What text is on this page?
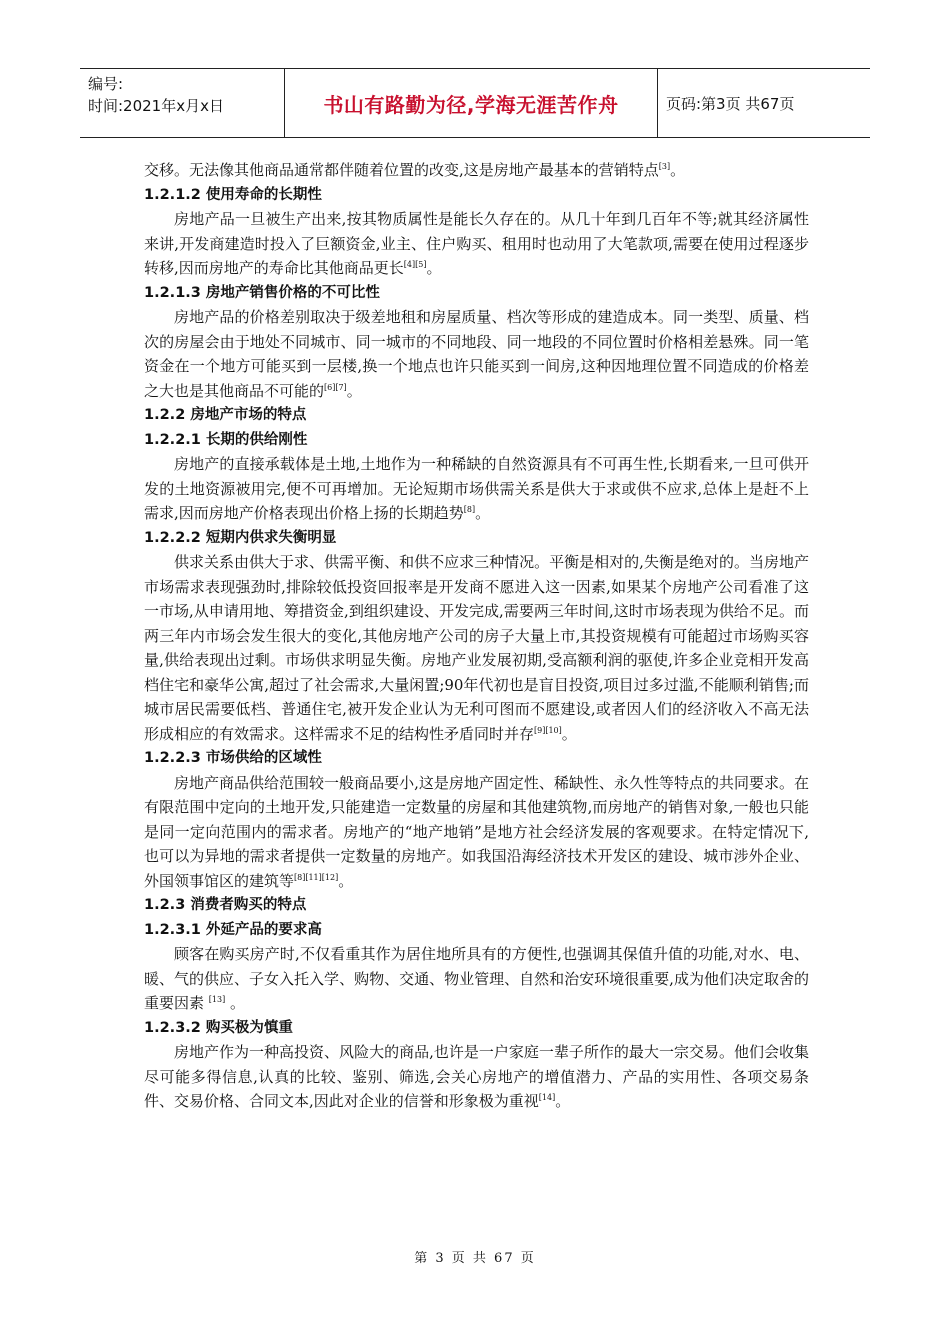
编号:
时间:2021年x月x日	书山有路勤为径,学海无涯苦作舟	页码:第3页 共67页

交移。无法像其他商品通常都伴随着位置的改变,这是房地产最基本的营销特点[3]。

1.2.1.2 使用寿命的长期性

房地产品一旦被生产出来,按其物质属性是能长久存在的。从几十年到几百年不等;就其经济属性来讲,开发商建造时投入了巨额资金,业主、住户购买、租用时也动用了大笔款项,需要在使用过程逐步转移,因而房地产的寿命比其他商品更长[4][5]。

1.2.1.3 房地产销售价格的不可比性

房地产品的价格差别取决于级差地租和房屋质量、档次等形成的建造成本。同一类型、质量、档次的房屋会由于地处不同城市、同一城市的不同地段、同一地段的不同位置时价格相差悬殊。同一笔资金在一个地方可能买到一层楼,换一个地点也许只能买到一间房,这种因地理位置不同造成的价格差之大也是其他商品不可能的[6][7]。

1.2.2 房地产市场的特点

1.2.2.1 长期的供给刚性

房地产的直接承载体是土地,土地作为一种稀缺的自然资源具有不可再生性,长期看来,一旦可供开发的土地资源被用完,便不可再增加。无论短期市场供需关系是供大于求或供不应求,总体上是赶不上需求,因而房地产价格表现出价格上扬的长期趋势[8]。

1.2.2.2 短期内供求失衡明显

供求关系由供大于求、供需平衡、和供不应求三种情况。平衡是相对的,失衡是绝对的。当房地产市场需求表现强劲时,排除较低投资回报率是开发商不愿进入这一因素,如果某个房地产公司看准了这一市场,从申请用地、筹措资金,到组织建设、开发完成,需要两三年时间,这时市场表现为供给不足。而两三年内市场会发生很大的变化,其他房地产公司的房子大量上市,其投资规模有可能超过市场购买容量,供给表现出过剩。市场供求明显失衡。房地产业发展初期,受高额利润的驱使,许多企业竞相开发高档住宅和豪华公寓,超过了社会需求,大量闲置;90年代初也是盲目投资,项目过多过滥,不能顺利销售;而城市居民需要低档、普通住宅,被开发企业认为无利可图而不愿建设,或者因人们的经济收入不高无法形成相应的有效需求。这样需求不足的结构性矛盾同时并存[9][10]。

1.2.2.3 市场供给的区域性

房地产商品供给范围较一般商品要小,这是房地产固定性、稀缺性、永久性等特点的共同要求。在有限范围中定向的土地开发,只能建造一定数量的房屋和其他建筑物,而房地产的销售对象,一般也只能是同一定向范围内的需求者。房地产的“地产地销”是地方社会经济发展的客观要求。在特定情况下,也可以为异地的需求者提供一定数量的房地产。如我国沿海经济技术开发区的建设、城市涉外企业、外国领事馆区的建筑等[8][11][12]。

1.2.3 消费者购买的特点

1.2.3.1 外延产品的要求高

顾客在购买房产时,不仅看重其作为居住地所具有的方便性,也强调其保值升值的功能,对水、电、暖、气的供应、子女入托入学、购物、交通、物业管理、自然和治安环境很重要,成为他们决定取舍的重要因素 [13] 。

1.2.3.2 购买极为慎重

房地产作为一种高投资、风险大的商品,也许是一户家庭一辈子所作的最大一宗交易。他们会收集尽可能多得信息,认真的比较、鉴别、筛选,会关心房地产的增值潜力、产品的实用性、各项交易条件、交易价格、合同文本,因此对企业的信誉和形象极为重视[14]。

第 3 页 共 67 页
